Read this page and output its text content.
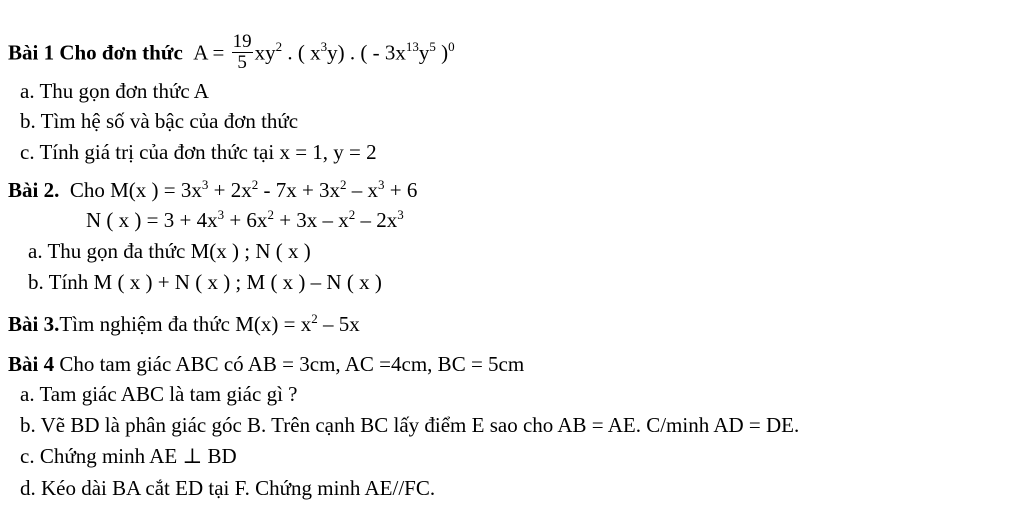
Bài 1 Cho đơn thức $A = \frac{19}{5} xy^2$ . ( $x^3y$) . ( - $3x^{13}y^5$ )$^0$
a. Thu gọn đơn thức A
b. Tìm hệ số và bậc của đơn thức
c. Tính giá trị của đơn thức tại x = 1, y = 2
Bài 2. Cho M(x ) = $3x^3 + 2x^2 - 7x + 3x^2 - x^3 + 6$
N ( x ) = $3 + 4x^3 + 6x^2 + 3x - x^2 - 2x^3$
a. Thu gọn đa thức M(x ) ; N ( x )
b. Tính M ( x ) + N ( x ) ; M ( x ) – N ( x )
Bài 3.Tìm nghiệm đa thức $M(x) = x^2 - 5x$
Bài 4 Cho tam giác ABC có AB = 3cm, AC =4cm, BC = 5cm
a. Tam giác ABC là tam giác gì ?
b. Vẽ BD là phân giác góc B. Trên cạnh BC lấy điểm E sao cho AB = AE. C/minh AD = DE.
c. Chứng minh AE ⊥ BD
d. Kéo dài BA cắt ED tại F. Chứng minh AE//FC.
